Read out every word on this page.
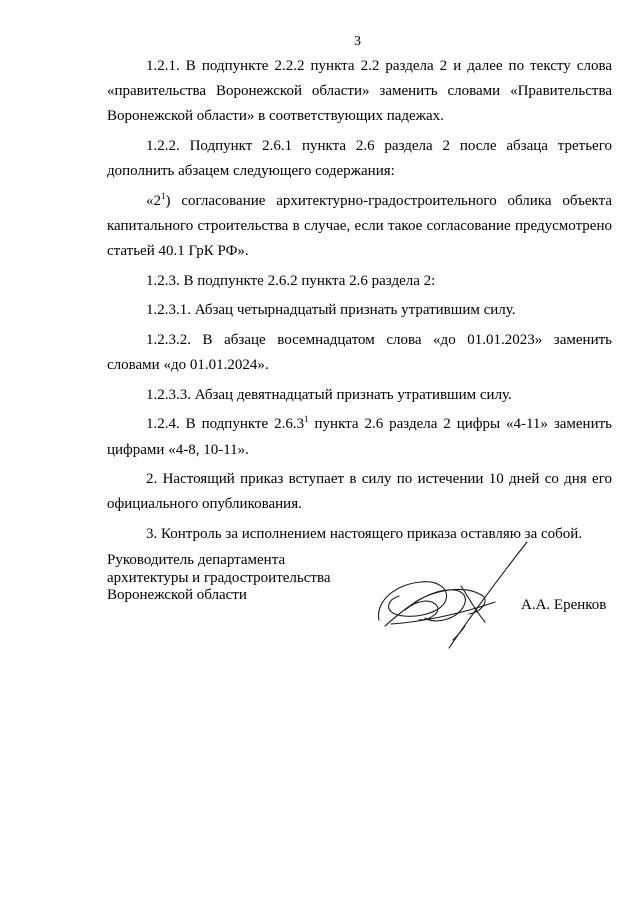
3

1.2.1. В подпункте 2.2.2 пункта 2.2 раздела 2 и далее по тексту слова «правительства Воронежской области» заменить словами «Правительства Воронежской области» в соответствующих падежах.

1.2.2. Подпункт 2.6.1 пункта 2.6 раздела 2 после абзаца третьего дополнить абзацем следующего содержания:

«$2^1$) согласование архитектурно-градостроительного облика объекта капитального строительства в случае, если такое согласование предусмотрено статьей 40.1 ГрК РФ».

1.2.3. В подпункте 2.6.2 пункта 2.6 раздела 2:

1.2.3.1. Абзац четырнадцатый признать утратившим силу.

1.2.3.2. В абзаце восемнадцатом слова «до 01.01.2023» заменить словами «до 01.01.2024».

1.2.3.3. Абзац девятнадцатый признать утратившим силу.

1.2.4. В подпункте 2.6.3$^1$ пункта 2.6 раздела 2 цифры «4-11» заменить цифрами «4-8, 10-11».

2. Настоящий приказ вступает в силу по истечении 10 дней со дня его официального опубликования.

3. Контроль за исполнением настоящего приказа оставляю за собой.

Руководитель департамента
архитектуры и градостроительства
Воронежской области
А.А. Еренков
